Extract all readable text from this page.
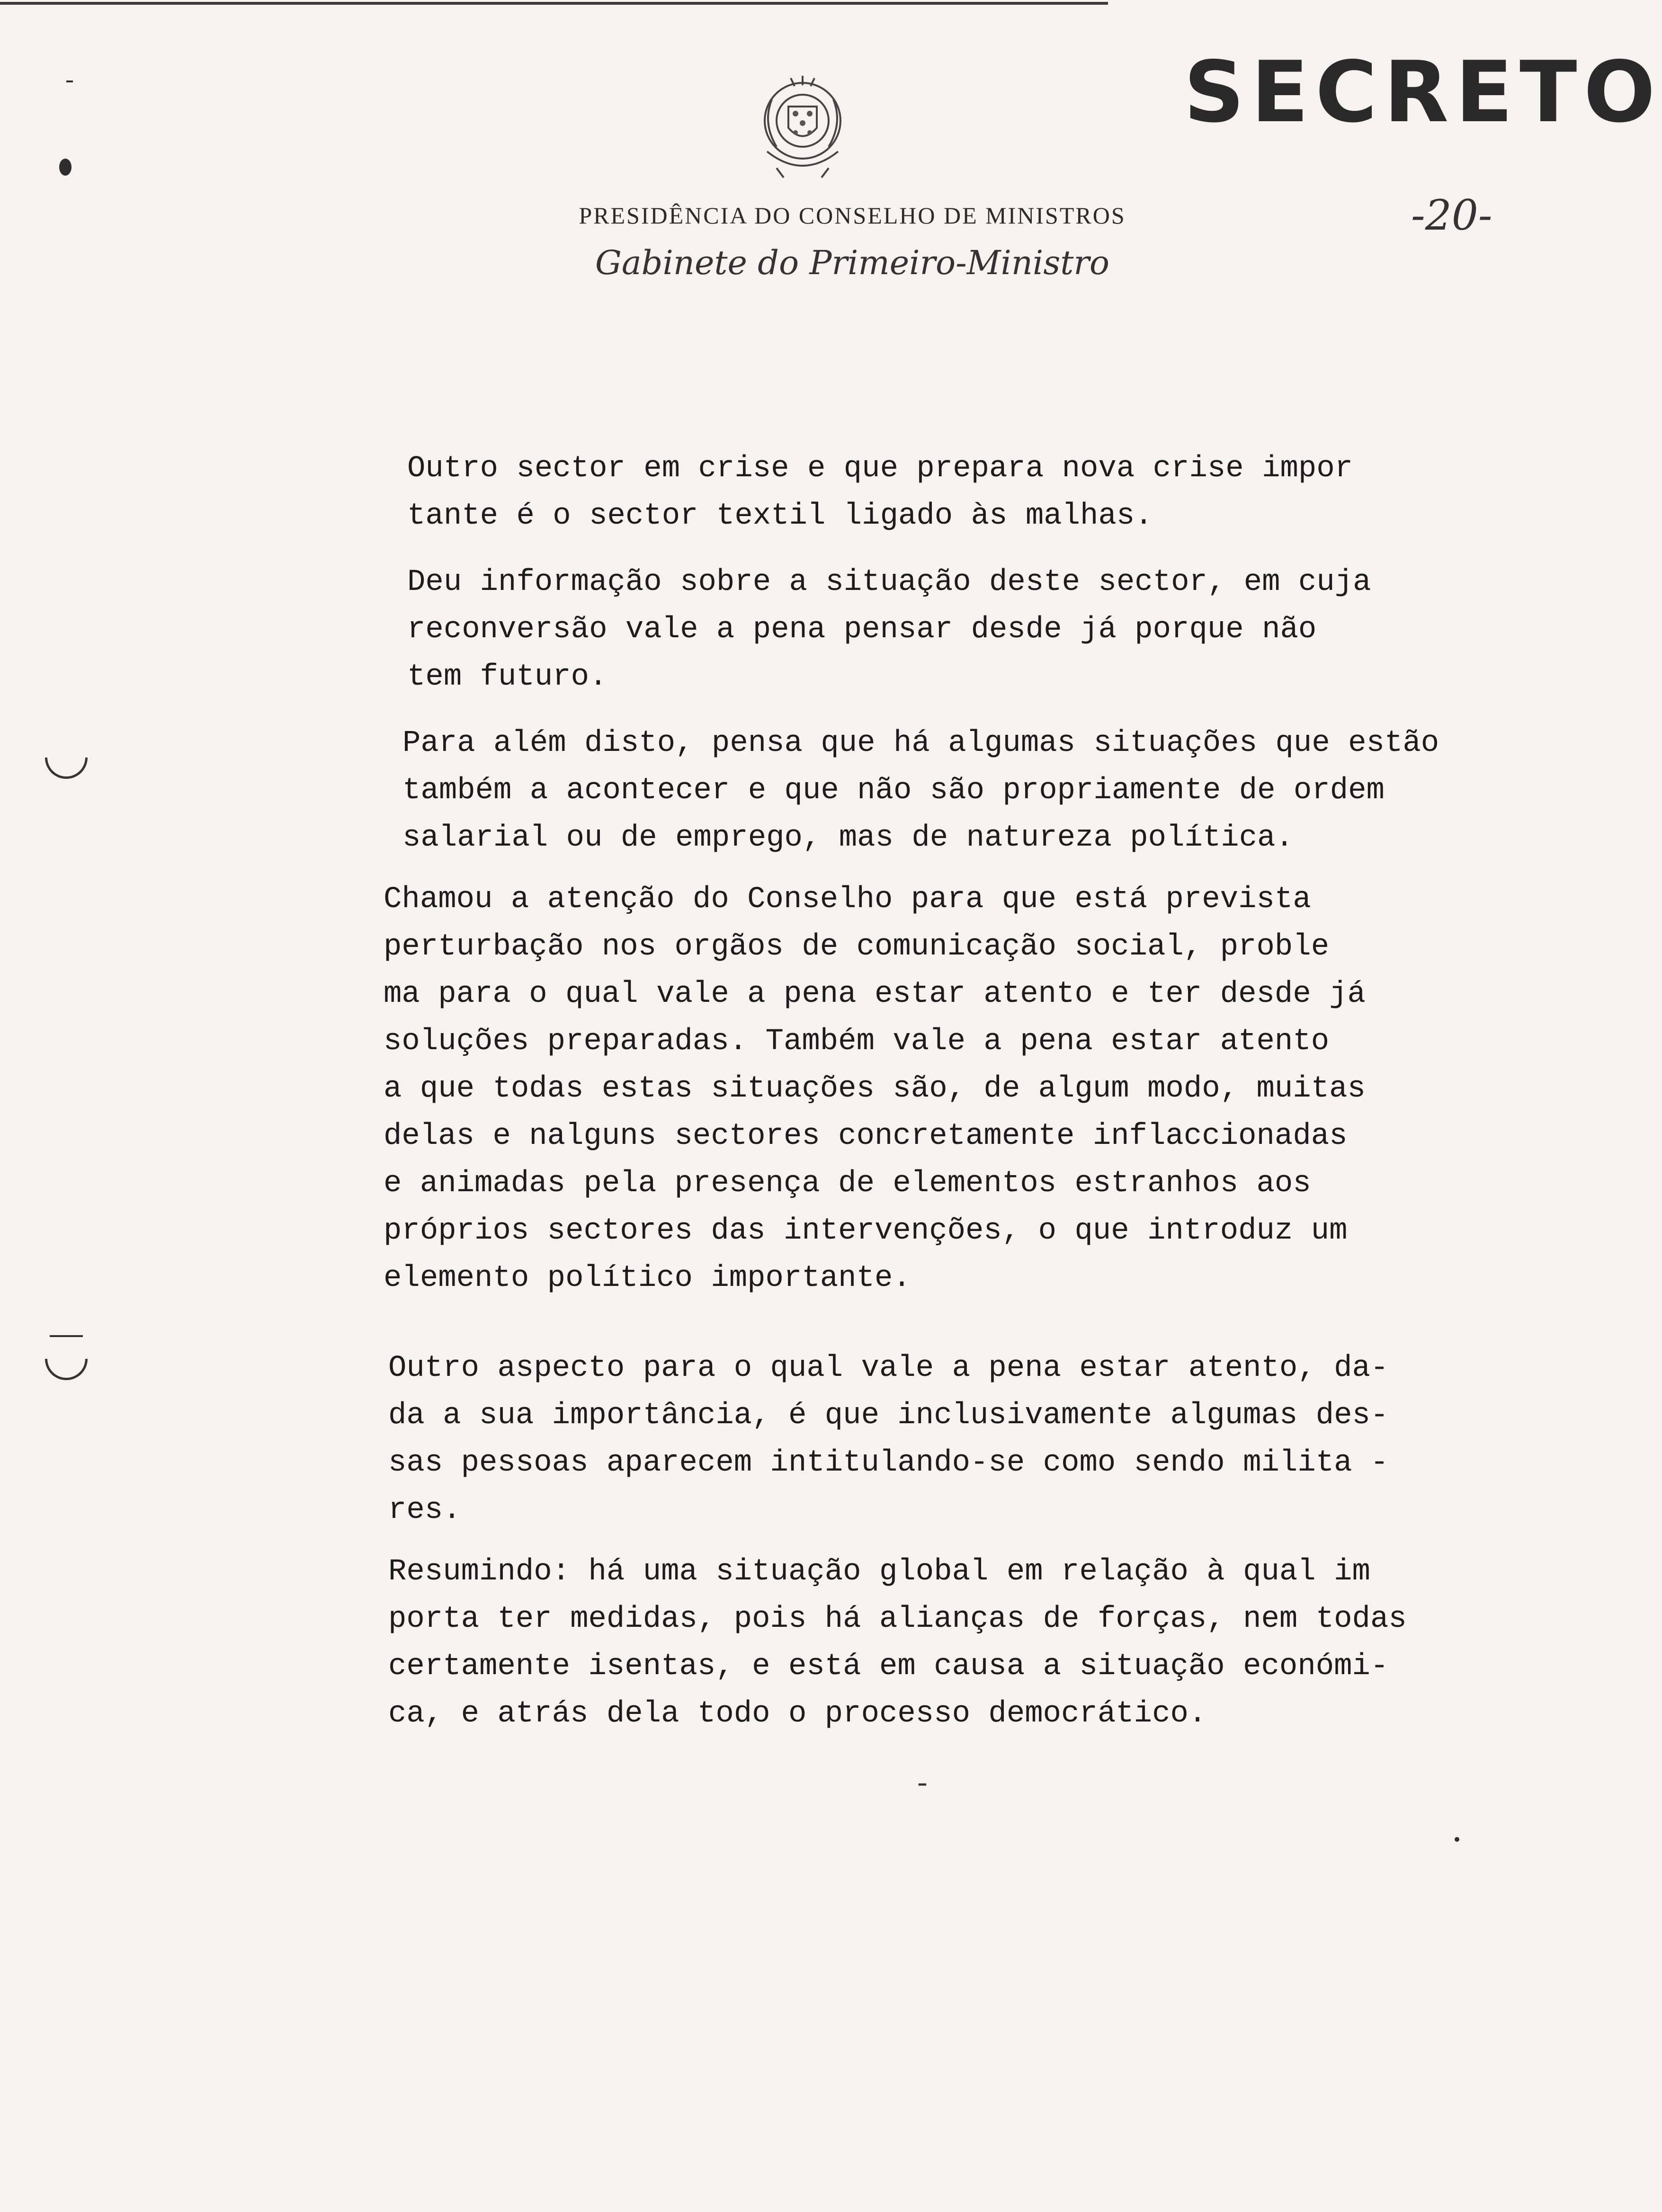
SECRETO
-20-
PRESIDÊNCIA DO CONSELHO DE MINISTROS
Gabinete do Primeiro-Ministro
Outro sector em crise e que prepara nova crise impor
tante é o sector textil ligado às malhas.
Deu informação sobre a situação deste sector, em cuja
reconversão vale a pena pensar desde já porque não
tem futuro.
Para além disto, pensa que há algumas situações que estão
também a acontecer e que não são propriamente de ordem
salarial ou de emprego, mas de natureza política.
Chamou a atenção do Conselho para que está prevista
perturbação nos orgãos de comunicação social, proble
ma para o qual vale a pena estar atento e ter desde já
soluções preparadas. Também vale a pena estar atento
a que todas estas situações são, de algum modo, muitas
delas e nalguns sectores concretamente inflaccionadas
e animadas pela presença de elementos estranhos aos
próprios sectores das intervenções, o que introduz um
elemento político importante.
Outro aspecto para o qual vale a pena estar atento, da-
da a sua importância, é que inclusivamente algumas des-
sas pessoas aparecem intitulando-se como sendo milita -
res.
Resumindo: há uma situação global em relação à qual im
porta ter medidas, pois há alianças de forças, nem todas
certamente isentas, e está em causa a situação económi-
ca, e atrás dela todo o processo democrático.
-
